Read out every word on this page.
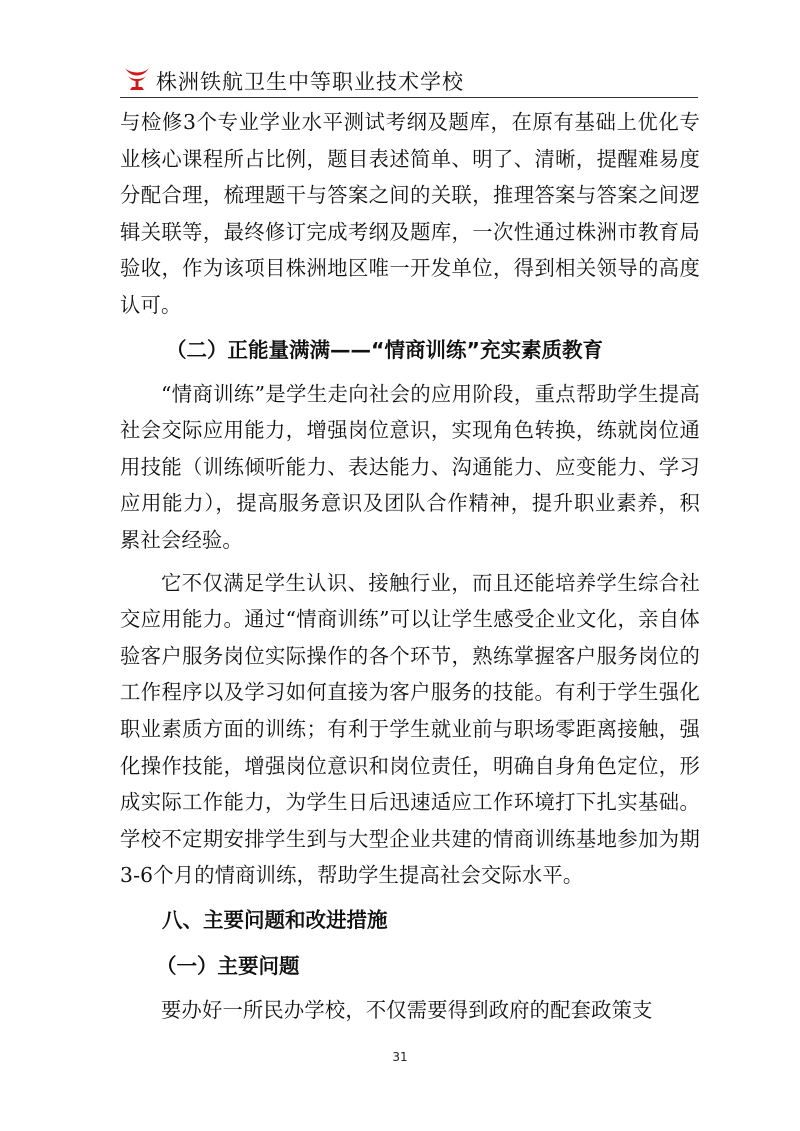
株洲铁航卫生中等职业技术学校

与检修3个专业学业水平测试考纲及题库，在原有基础上优化专业核心课程所占比例，题目表述简单、明了、清晰，提醒难易度分配合理，梳理题干与答案之间的关联，推理答案与答案之间逻辑关联等，最终修订完成考纲及题库，一次性通过株洲市教育局验收，作为该项目株洲地区唯一开发单位，得到相关领导的高度认可。

（二）正能量满满——“情商训练”充实素质教育

“情商训练”是学生走向社会的应用阶段，重点帮助学生提高社会交际应用能力，增强岗位意识，实现角色转换，练就岗位通用技能（训练倾听能力、表达能力、沟通能力、应变能力、学习应用能力），提高服务意识及团队合作精神，提升职业素养，积累社会经验。

它不仅满足学生认识、接触行业，而且还能培养学生综合社交应用能力。通过“情商训练”可以让学生感受企业文化，亲自体验客户服务岗位实际操作的各个环节，熟练掌握客户服务岗位的工作程序以及学习如何直接为客户服务的技能。有利于学生强化职业素质方面的训练；有利于学生就业前与职场零距离接触，强化操作技能，增强岗位意识和岗位责任，明确自身角色定位，形成实际工作能力，为学生日后迅速适应工作环境打下扎实基础。学校不定期安排学生到与大型企业共建的情商训练基地参加为期3-6个月的情商训练，帮助学生提高社会交际水平。

八、主要问题和改进措施

（一）主要问题

要办好一所民办学校，不仅需要得到政府的配套政策支

31
